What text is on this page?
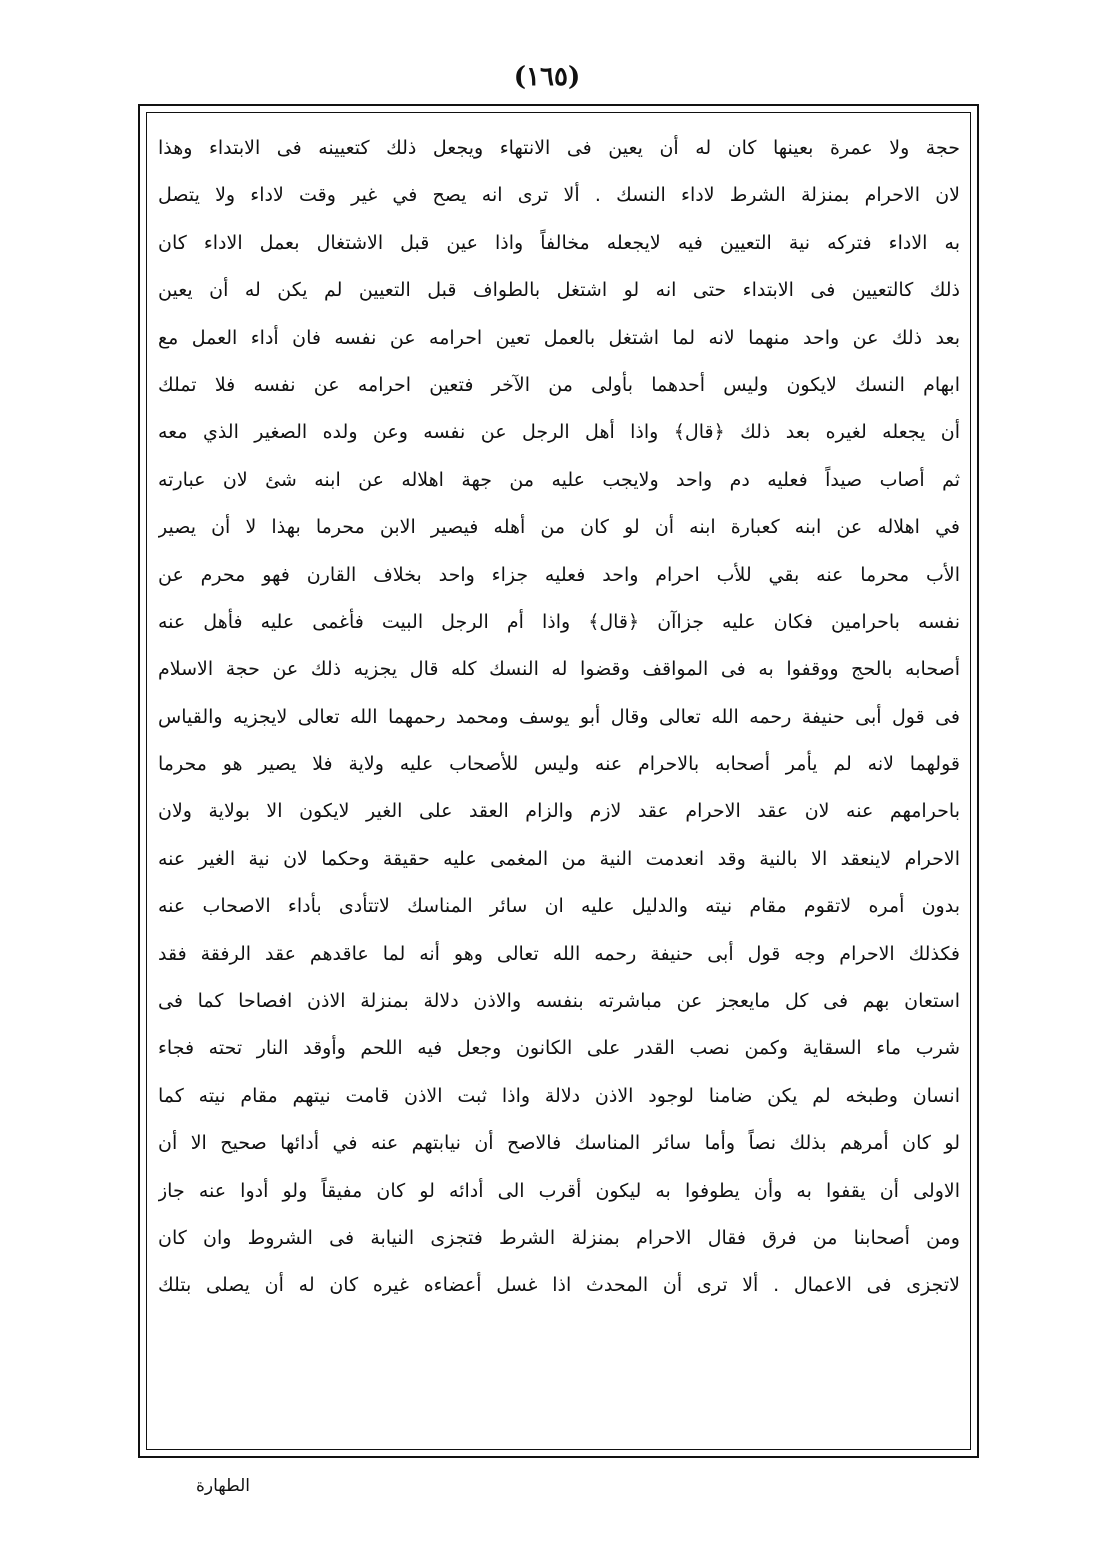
(١٦٥)
حجة ولا عمرة بعينها كان له أن يعين فى الانتهاء ويجعل ذلك كتعيينه فى الابتداء وهذا
لان الاحرام بمنزلة الشرط لاداء النسك . ألا ترى انه يصح في غير وقت لاداء ولا يتصل
به الاداء فتركه نية التعيين فيه لايجعله مخالفاً واذا عين قبل الاشتغال بعمل الاداء كان
ذلك كالتعيين فى الابتداء حتى انه لو اشتغل بالطواف قبل التعيين لم يكن له أن يعين
بعد ذلك عن واحد منهما لانه لما اشتغل بالعمل تعين احرامه عن نفسه فان أداء العمل مع
ابهام النسك لايكون وليس أحدهما بأولى من الآخر فتعين احرامه عن نفسه فلا تملك
أن يجعله لغيره بعد ذلك ﴿قال﴾ واذا أهل الرجل عن نفسه وعن ولده الصغير الذي معه
ثم أصاب صيداً فعليه دم واحد ولايجب عليه من جهة اهلاله عن ابنه شئ لان عبارته
في اهلاله عن ابنه كعبارة ابنه أن لو كان من أهله فيصير الابن محرما بهذا لا أن يصير
الأب محرما عنه بقي للأب احرام واحد فعليه جزاء واحد بخلاف القارن فهو محرم عن
نفسه باحرامين فكان عليه جزاآن ﴿قال﴾ واذا أم الرجل البيت فأغمى عليه فأهل عنه
أصحابه بالحج ووقفوا به فى المواقف وقضوا له النسك كله قال يجزيه ذلك عن حجة الاسلام
فى قول أبى حنيفة رحمه الله تعالى وقال أبو يوسف ومحمد رحمهما الله تعالى لايجزيه والقياس
قولهما لانه لم يأمر أصحابه بالاحرام عنه وليس للأصحاب عليه ولاية فلا يصير هو محرما
باحرامهم عنه لان عقد الاحرام عقد لازم والزام العقد على الغير لايكون الا بولاية ولان
الاحرام لاينعقد الا بالنية وقد انعدمت النية من المغمى عليه حقيقة وحكما لان نية الغير عنه
بدون أمره لاتقوم مقام نيته والدليل عليه ان سائر المناسك لاتتأدى بأداء الاصحاب عنه
فكذلك الاحرام وجه قول أبى حنيفة رحمه الله تعالى وهو أنه لما عاقدهم عقد الرفقة فقد
استعان بهم فى كل مايعجز عن مباشرته بنفسه والاذن دلالة بمنزلة الاذن افصاحا كما فى
شرب ماء السقاية وكمن نصب القدر على الكانون وجعل فيه اللحم وأوقد النار تحته فجاء
انسان وطبخه لم يكن ضامنا لوجود الاذن دلالة واذا ثبت الاذن قامت نيتهم مقام نيته كما
لو كان أمرهم بذلك نصاً وأما سائر المناسك فالاصح أن نيابتهم عنه في أدائها صحيح الا أن
الاولى أن يقفوا به وأن يطوفوا به ليكون أقرب الى أدائه لو كان مفيقاً ولو أدوا عنه جاز
ومن أصحابنا من فرق فقال الاحرام بمنزلة الشرط فتجزى النيابة فى الشروط وان كان
لاتجزى فى الاعمال . ألا ترى أن المحدث اذا غسل أعضاءه غيره كان له أن يصلى بتلك
الطهارة
